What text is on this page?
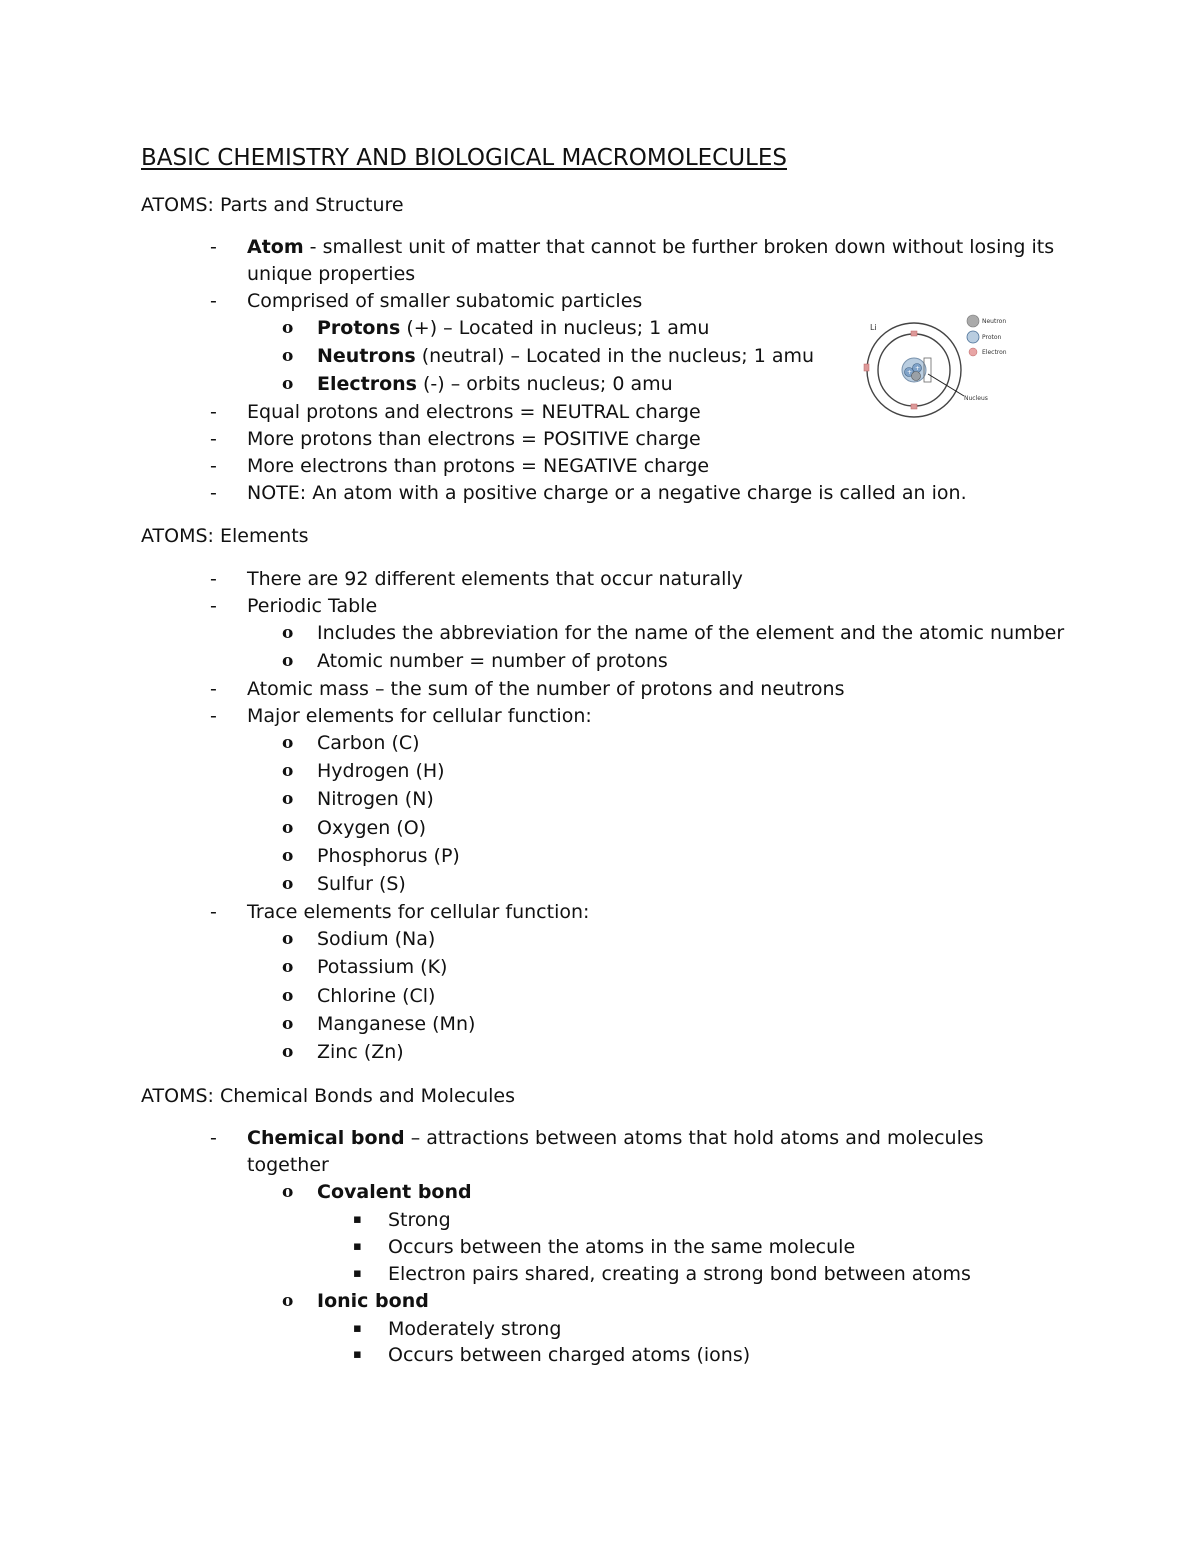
BASIC CHEMISTRY AND BIOLOGICAL MACROMOLECULES
ATOMS: Parts and Structure
- Atom - smallest unit of matter that cannot be further broken down without losing its
unique properties
- Comprised of smaller subatomic particles
o Protons (+) – Located in nucleus; 1 amu
o Neutrons (neutral) – Located in the nucleus; 1 amu
o Electrons (-) – orbits nucleus; 0 amu
- Equal protons and electrons = NEUTRAL charge
- More protons than electrons = POSITIVE charge
- More electrons than protons = NEGATIVE charge
- NOTE: An atom with a positive charge or a negative charge is called an ion.
Li
+
+
Nucleus
Neutron
Proton
Electron
ATOMS: Elements
- There are 92 different elements that occur naturally
- Periodic Table
o Includes the abbreviation for the name of the element and the atomic number
o Atomic number = number of protons
- Atomic mass – the sum of the number of protons and neutrons
- Major elements for cellular function:
o Carbon (C)
o Hydrogen (H)
o Nitrogen (N)
o Oxygen (O)
o Phosphorus (P)
o Sulfur (S)
- Trace elements for cellular function:
o Sodium (Na)
o Potassium (K)
o Chlorine (Cl)
o Manganese (Mn)
o Zinc (Zn)
ATOMS: Chemical Bonds and Molecules
- Chemical bond – attractions between atoms that hold atoms and molecules
together
o Covalent bond
▪ Strong
▪ Occurs between the atoms in the same molecule
▪ Electron pairs shared, creating a strong bond between atoms
o Ionic bond
▪ Moderately strong
▪ Occurs between charged atoms (ions)
